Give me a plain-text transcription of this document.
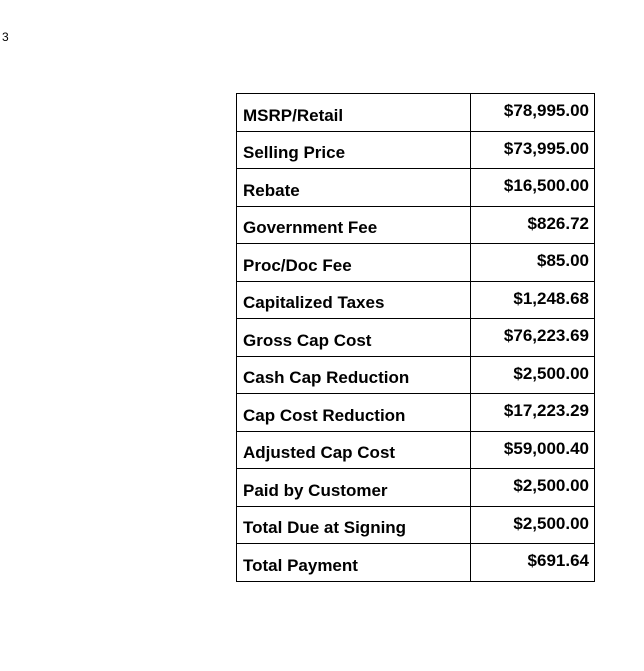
3
MSRP/Retail	$78,995.00
Selling Price	$73,995.00
Rebate	$16,500.00
Government Fee	$826.72
Proc/Doc Fee	$85.00
Capitalized Taxes	$1,248.68
Gross Cap Cost	$76,223.69
Cash Cap Reduction	$2,500.00
Cap Cost Reduction	$17,223.29
Adjusted Cap Cost	$59,000.40
Paid by Customer	$2,500.00
Total Due at Signing	$2,500.00
Total Payment	$691.64
